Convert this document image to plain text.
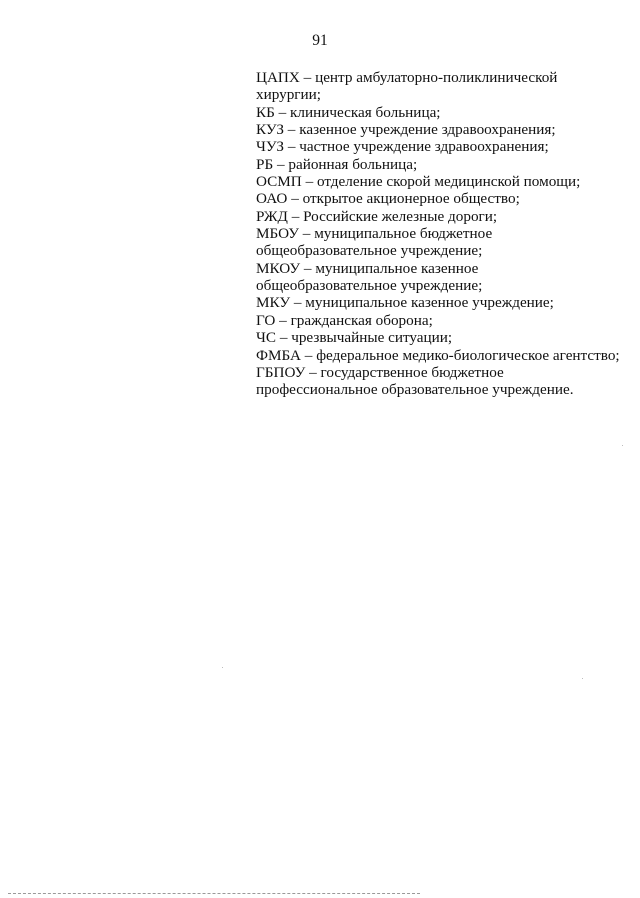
91
ЦАПХ – центр амбулаторно-поликлинической
хирургии;
КБ – клиническая больница;
КУЗ – казенное учреждение здравоохранения;
ЧУЗ – частное учреждение здравоохранения;
РБ – районная больница;
ОСМП – отделение скорой медицинской помощи;
ОАО – открытое акционерное общество;
РЖД – Российские железные дороги;
МБОУ – муниципальное бюджетное
общеобразовательное учреждение;
МКОУ – муниципальное казенное
общеобразовательное учреждение;
МКУ – муниципальное казенное учреждение;
ГО – гражданская оборона;
ЧС – чрезвычайные ситуации;
ФМБА – федеральное медико-биологическое агентство;
ГБПОУ – государственное бюджетное
профессиональное образовательное учреждение.
